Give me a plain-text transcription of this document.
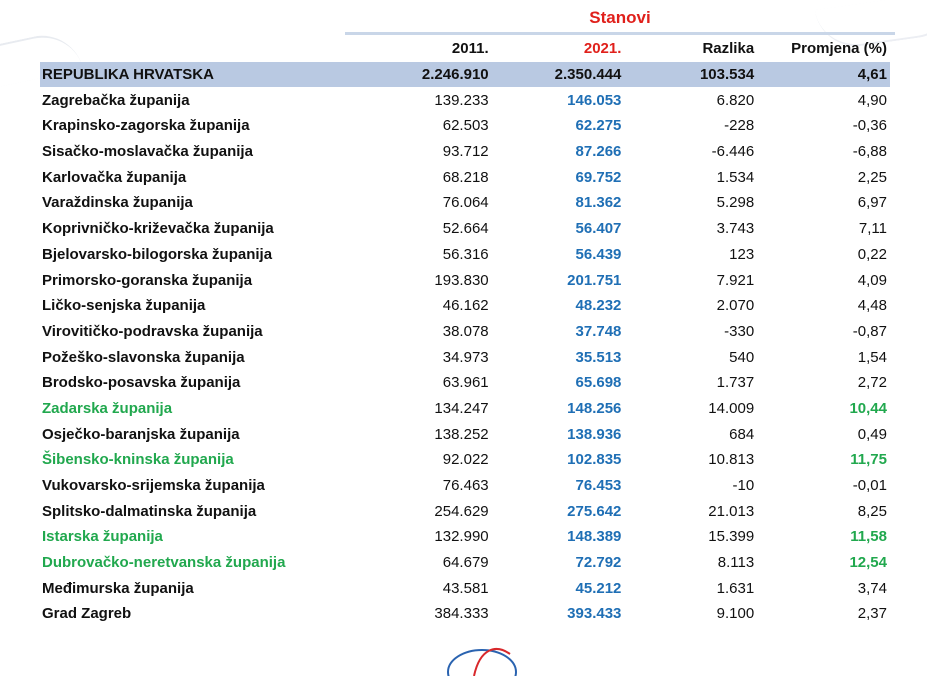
Stanovi
	2011.	2021.	Razlika	Promjena (%)
REPUBLIKA HRVATSKA	2.246.910	2.350.444	103.534	4,61
Zagrebačka županija	139.233	146.053	6.820	4,90
Krapinsko-zagorska županija	62.503	62.275	-228	-0,36
Sisačko-moslavačka županija	93.712	87.266	-6.446	-6,88
Karlovačka županija	68.218	69.752	1.534	2,25
Varaždinska županija	76.064	81.362	5.298	6,97
Koprivničko-križevačka županija	52.664	56.407	3.743	7,11
Bjelovarsko-bilogorska županija	56.316	56.439	123	0,22
Primorsko-goranska županija	193.830	201.751	7.921	4,09
Ličko-senjska županija	46.162	48.232	2.070	4,48
Virovitičko-podravska županija	38.078	37.748	-330	-0,87
Požeško-slavonska županija	34.973	35.513	540	1,54
Brodsko-posavska županija	63.961	65.698	1.737	2,72
Zadarska županija	134.247	148.256	14.009	10,44
Osječko-baranjska županija	138.252	138.936	684	0,49
Šibensko-kninska županija	92.022	102.835	10.813	11,75
Vukovarsko-srijemska županija	76.463	76.453	-10	-0,01
Splitsko-dalmatinska županija	254.629	275.642	21.013	8,25
Istarska županija	132.990	148.389	15.399	11,58
Dubrovačko-neretvanska županija	64.679	72.792	8.113	12,54
Međimurska županija	43.581	45.212	1.631	3,74
Grad Zagreb	384.333	393.433	9.100	2,37
